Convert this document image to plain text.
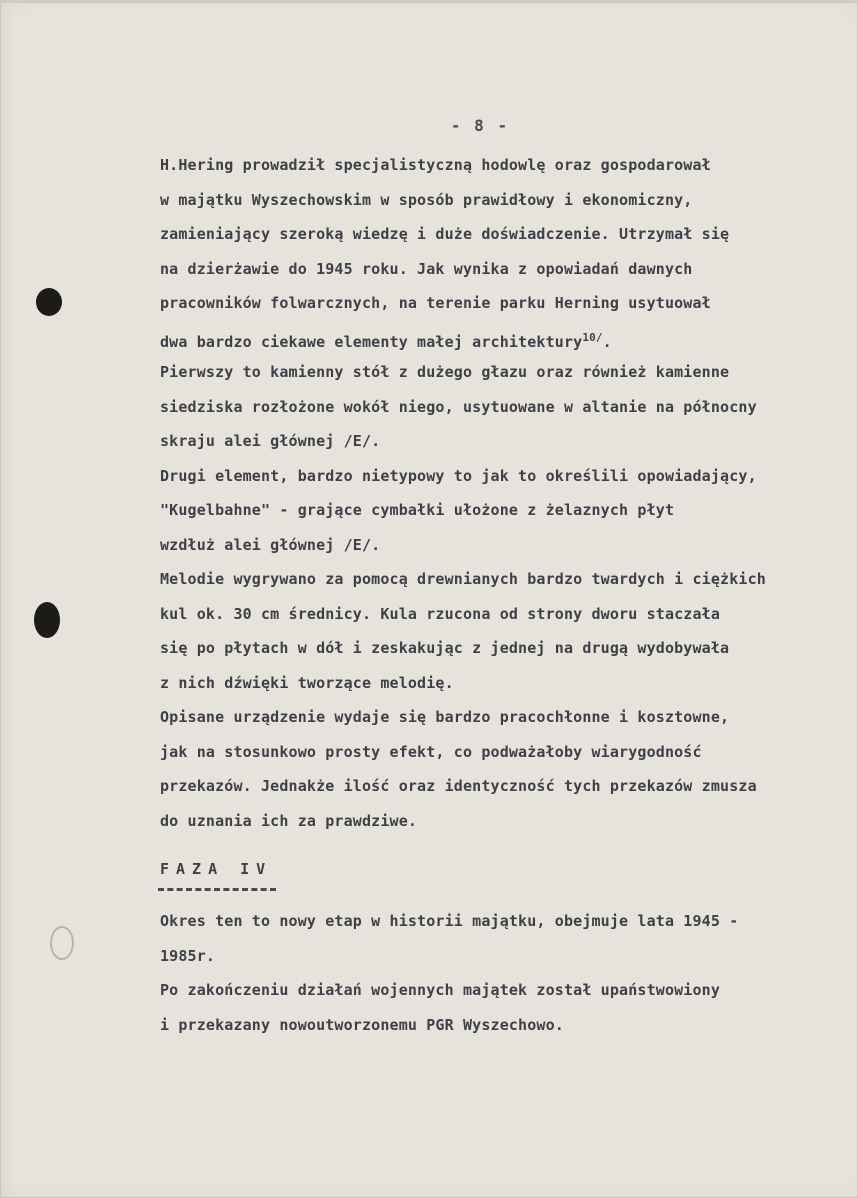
- 8 -
H.Hering prowadził specjalistyczną hodowlę oraz gospodarował
w majątku Wyszechowskim w sposób prawidłowy i ekonomiczny,
zamieniający szeroką wiedzę i duże doświadczenie. Utrzymał się
na dzierżawie do 1945 roku. Jak wynika z opowiadań dawnych
pracowników folwarcznych, na terenie parku Herning usytuował
dwa bardzo ciekawe elementy małej architektury$^{10/}$.
Pierwszy to kamienny stół z dużego głazu oraz również kamienne
siedziska rozłożone wokół niego, usytuowane w altanie na północny
skraju alei głównej /E/.
Drugi element, bardzo nietypowy to jak to określili opowiadający,
"Kugelbahne" - grające cymbałki ułożone z żelaznych płyt
wzdłuż alei głównej /E/.
Melodie wygrywano za pomocą drewnianych bardzo twardych i ciężkich
kul ok. 30 cm średnicy. Kula rzucona od strony dworu staczała
się po płytach w dół i zeskakując z jednej na drugą wydobywała
z nich dźwięki tworzące melodię.
Opisane urządzenie wydaje się bardzo pracochłonne i kosztowne,
jak na stosunkowo prosty efekt, co podważałoby wiarygodność
przekazów. Jednakże ilość oraz identyczność tych przekazów zmusza
do uznania ich za prawdziwe.
FAZA IV
Okres ten to nowy etap w historii majątku, obejmuje lata 1945 -
1985r.
Po zakończeniu działań wojennych majątek został upaństwowiony
i przekazany nowoutworzonemu PGR Wyszechowo.
